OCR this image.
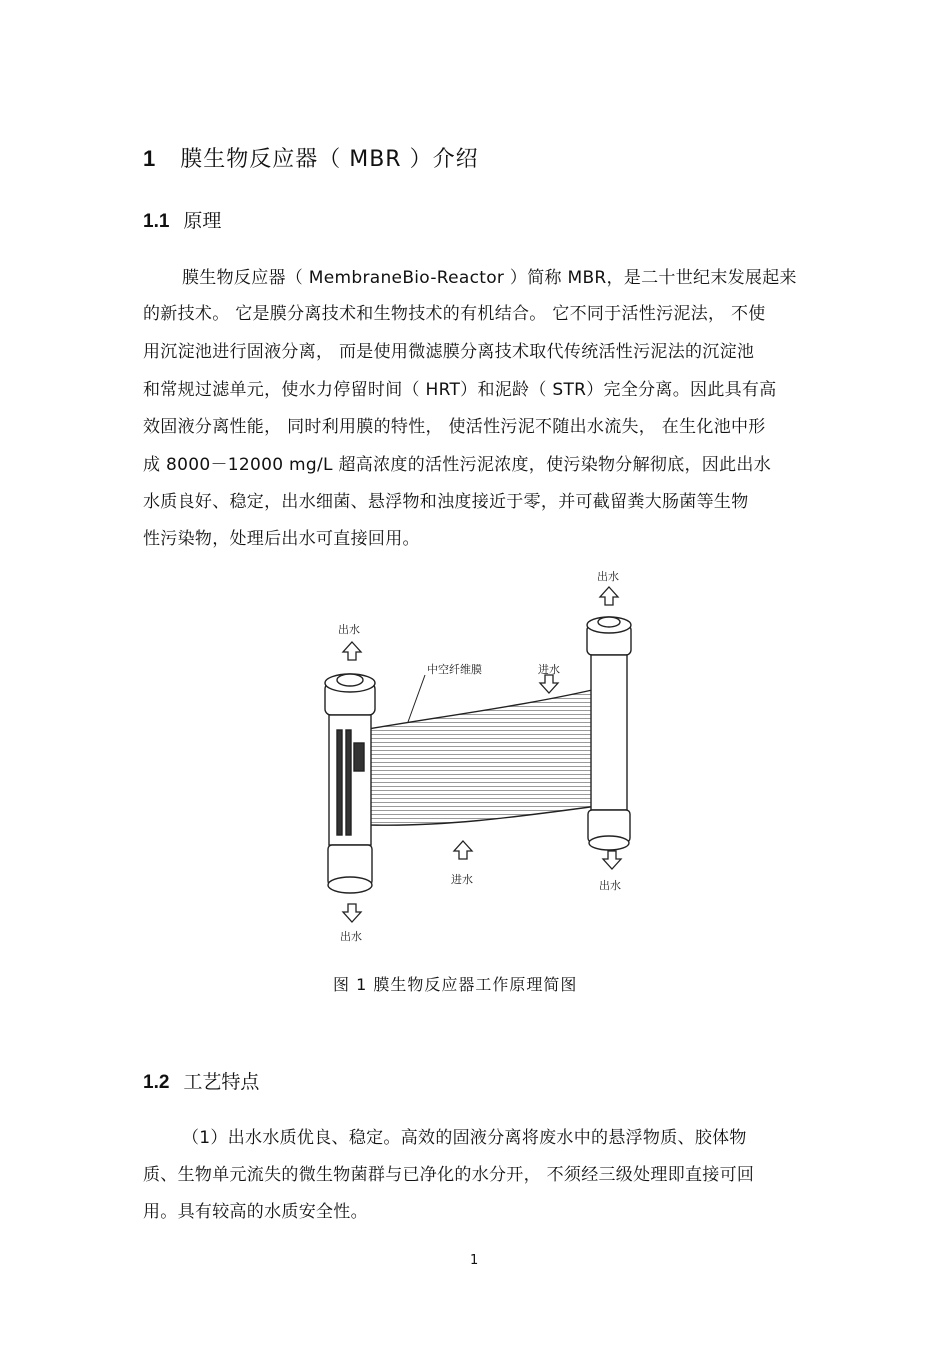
1 膜生物反应器（ MBR ）介绍
1.1 原理
膜生物反应器（ MembraneBio-Reactor ）简称 MBR，是二十世纪末发展起来
的新技术。 它是膜分离技术和生物技术的有机结合。 它不同于活性污泥法， 不使
用沉淀池进行固液分离， 而是使用微滤膜分离技术取代传统活性污泥法的沉淀池
和常规过滤单元，使水力停留时间（ HRT）和泥龄（ STR）完全分离。因此具有高
效固液分离性能， 同时利用膜的特性， 使活性污泥不随出水流失， 在生化池中形
成 8000－12000 mg/L 超高浓度的活性污泥浓度，使污染物分解彻底，因此出水
水质良好、稳定，出水细菌、悬浮物和浊度接近于零，并可截留粪大肠菌等生物
性污染物，处理后出水可直接回用。
出水
出水
中空纤维膜	进水
进水	出水
出水
图 1 膜生物反应器工作原理简图
1.2 工艺特点
（1）出水水质优良、稳定。高效的固液分离将废水中的悬浮物质、胶体物
质、生物单元流失的微生物菌群与已净化的水分开， 不须经三级处理即直接可回
用。具有较高的水质安全性。
1
